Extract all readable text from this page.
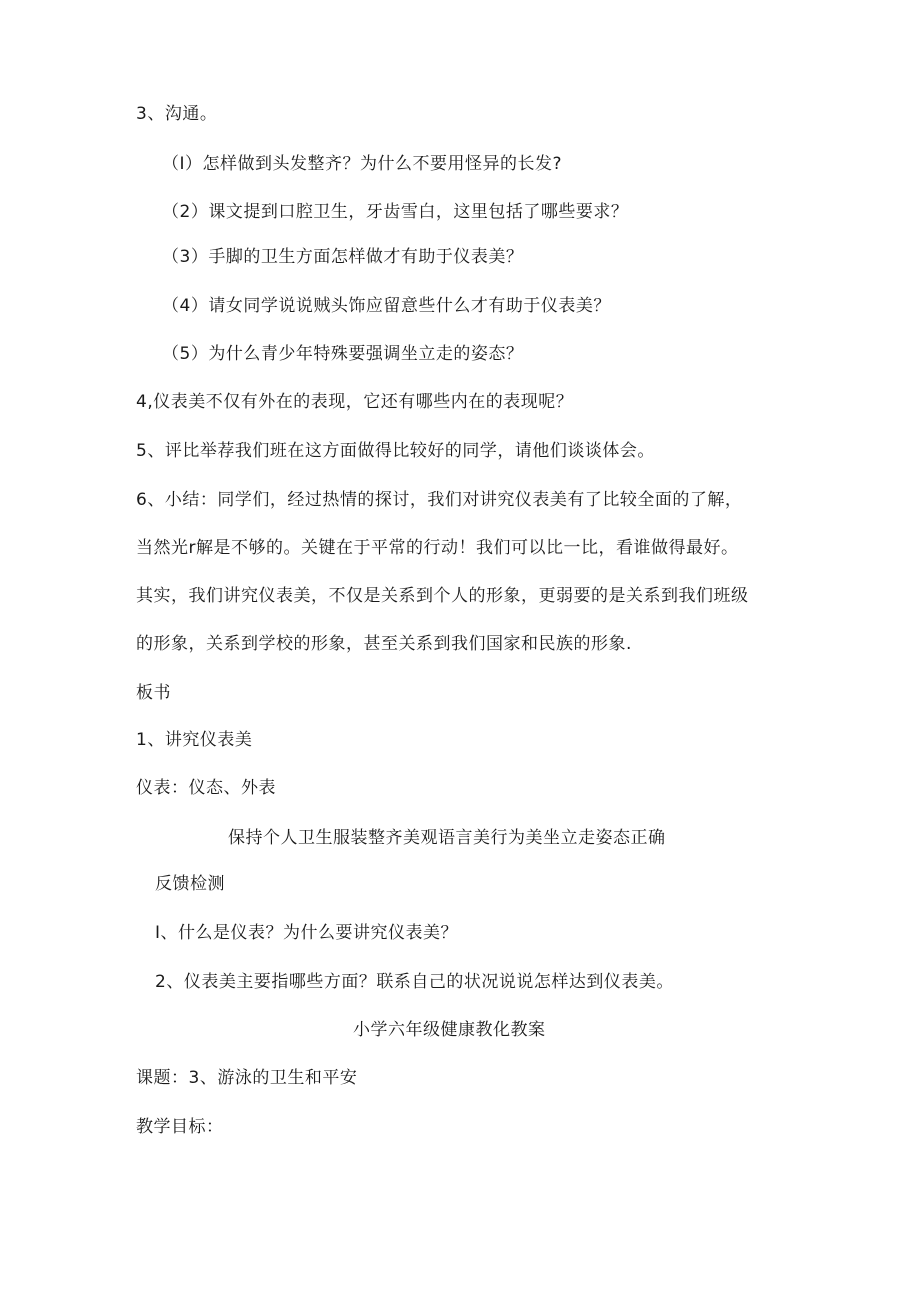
3、沟通。
（I）怎样做到头发整齐？为什么不要用怪异的长发?
（2）课文提到口腔卫生，牙齿雪白，这里包括了哪些要求？
（3）手脚的卫生方面怎样做才有助于仪表美？
（4）请女同学说说贼头饰应留意些什么才有助于仪表美？
（5）为什么青少年特殊要强调坐立走的姿态？
4,仪表美不仅有外在的表现，它还有哪些内在的表现呢？
5、评比举荐我们班在这方面做得比较好的同学，请他们谈谈体会。
6、小结：同学们，经过热情的探讨，我们对讲究仪表美有了比较全面的了解，
当然光r解是不够的。关键在于平常的行动！我们可以比一比，看谁做得最好。
其实，我们讲究仪表美，不仅是关系到个人的形象，更弱要的是关系到我们班级
的形象，关系到学校的形象，甚至关系到我们国家和民族的形象.
板书
1、讲究仪表美
仪表：仪态、外表
保持个人卫生服装整齐美观语言美行为美坐立走姿态正确
反馈检测
I、什么是仪表？为什么要讲究仪表美？
2、仪表美主要指哪些方面？联系自己的状况说说怎样达到仪表美。
小学六年级健康教化教案
课题：3、游泳的卫生和平安
教学目标：
